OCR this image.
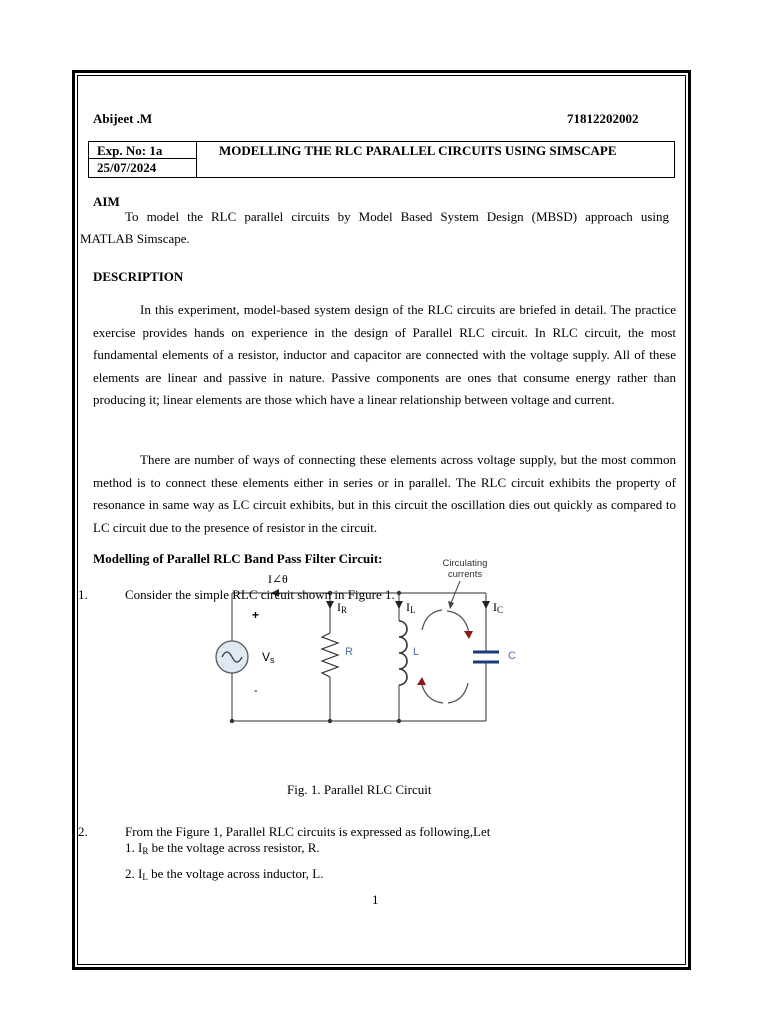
Abijeet .M	71812202002
Exp. No: 1a
25/07/2024
MODELLING THE RLC PARALLEL CIRCUITS USING SIMSCAPE
AIM
To model the RLC parallel circuits by Model Based System Design (MBSD) approach using
MATLAB Simscape.
DESCRIPTION

In this experiment, model-based system design of the RLC circuits are briefed in detail. The practice exercise provides hands on experience in the design of Parallel RLC circuit. In RLC circuit, the most fundamental elements of a resistor, inductor and capacitor are connected with the voltage supply. All of these elements are linear and passive in nature. Passive components are ones that consume energy rather than producing it; linear elements are those which have a linear relationship between voltage and current.

There are number of ways of connecting these elements across voltage supply, but the most common method is to connect these elements either in series or in parallel. The RLC circuit exhibits the property of resonance in same way as LC circuit exhibits, but in this circuit the oscillation dies out quickly as compared to LC circuit due to the presence of resistor in the circuit.

Modelling of Parallel RLC Band Pass Filter Circuit:
I∠θ
Circulating
currents
$I_R$	$I_L$	$I_C$
+
-
$V_s$
R	L	C
1.	Consider the simple RLC circuit shown in Figure 1.
Fig. 1. Parallel RLC Circuit
2.	From the Figure 1, Parallel RLC circuits is expressed as following,Let
1. $I_R$ be the voltage across resistor, R.
2. $I_L$ be the voltage across inductor, L.
1
